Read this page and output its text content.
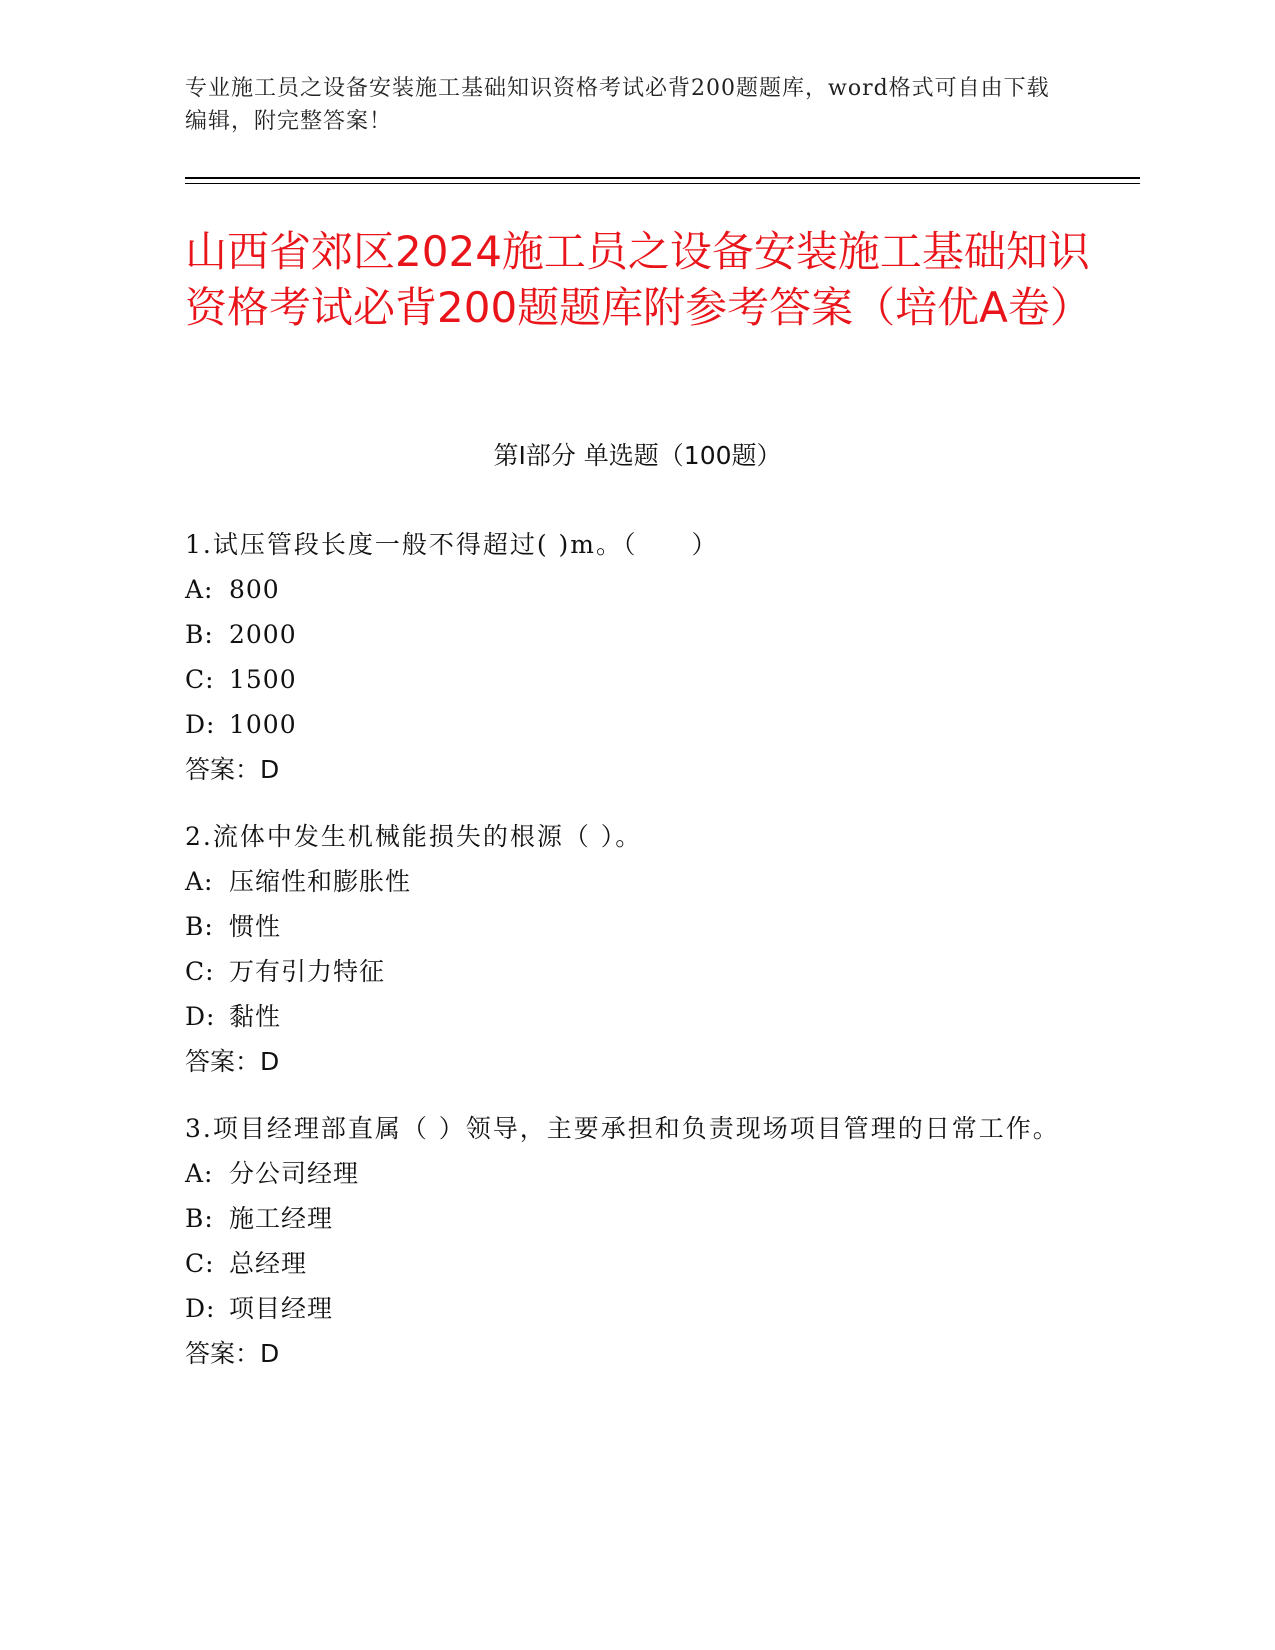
专业施工员之设备安装施工基础知识资格考试必背200题题库，word格式可自由下载编辑，附完整答案！
山西省郊区2024施工员之设备安装施工基础知识资格考试必背200题题库附参考答案（培优A卷）
第Ⅰ部分 单选题（100题）

1.试压管段长度一般不得超过( )m。（　　）

A: 800

B: 2000

C: 1500

D: 1000

答案：D

2.流体中发生机械能损失的根源（ ）。

A: 压缩性和膨胀性

B: 惯性

C: 万有引力特征

D: 黏性

答案：D

3.项目经理部直属（ ）领导，主要承担和负责现场项目管理的日常工作。

A: 分公司经理

B: 施工经理

C: 总经理

D: 项目经理

答案：D
